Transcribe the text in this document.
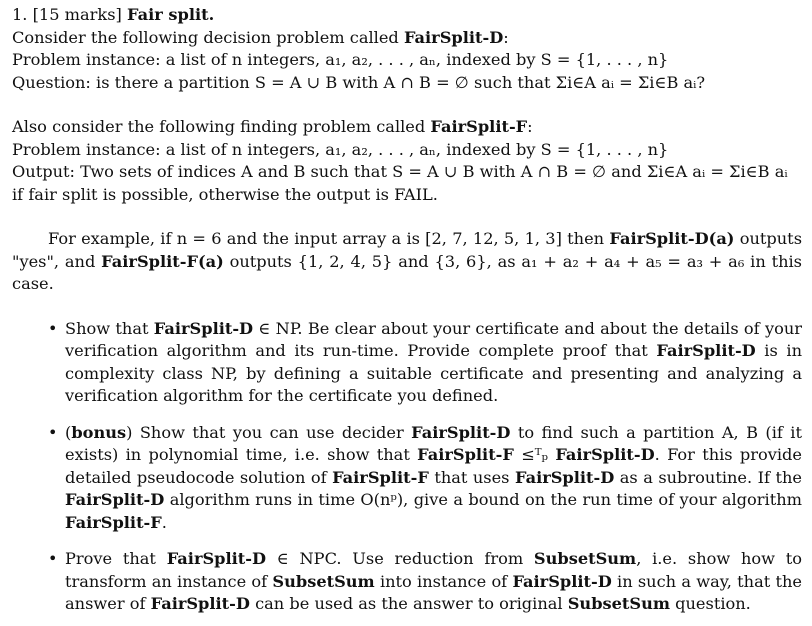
1. [15 marks] Fair split.
Consider the following decision problem called FairSplit-D:
Problem instance: a list of n integers, a₁, a₂, . . . , aₙ, indexed by S = {1, . . . , n}
Question: is there a partition S = A ∪ B with A ∩ B = ∅ such that Σi∈A aᵢ = Σi∈B aᵢ?
Also consider the following finding problem called FairSplit-F:
Problem instance: a list of n integers, a₁, a₂, . . . , aₙ, indexed by S = {1, . . . , n}
Output: Two sets of indices A and B such that S = A ∪ B with A ∩ B = ∅ and Σi∈A aᵢ = Σi∈B aᵢ
if fair split is possible, otherwise the output is FAIL.
For example, if n = 6 and the input array a is [2, 7, 12, 5, 1, 3] then FairSplit-D(a) outputs "yes", and FairSplit-F(a) outputs {1, 2, 4, 5} and {3, 6}, as a₁ + a₂ + a₄ + a₅ = a₃ + a₆ in this case.
• Show that FairSplit-D ∈ NP. Be clear about your certificate and about the details of your verification algorithm and its run-time. Provide complete proof that FairSplit-D is in complexity class NP, by defining a suitable certificate and presenting and analyzing a verification algorithm for the certificate you defined.
• (bonus) Show that you can use decider FairSplit-D to find such a partition A, B (if it exists) in polynomial time, i.e. show that FairSplit-F ≤ᵀₚ FairSplit-D. For this provide detailed pseudocode solution of FairSplit-F that uses FairSplit-D as a subroutine. If the FairSplit-D algorithm runs in time O(nᵖ), give a bound on the run time of your algorithm FairSplit-F.
• Prove that FairSplit-D ∈ NPC. Use reduction from SubsetSum, i.e. show how to transform an instance of SubsetSum into instance of FairSplit-D in such a way, that the answer of FairSplit-D can be used as the answer to original SubsetSum question.
